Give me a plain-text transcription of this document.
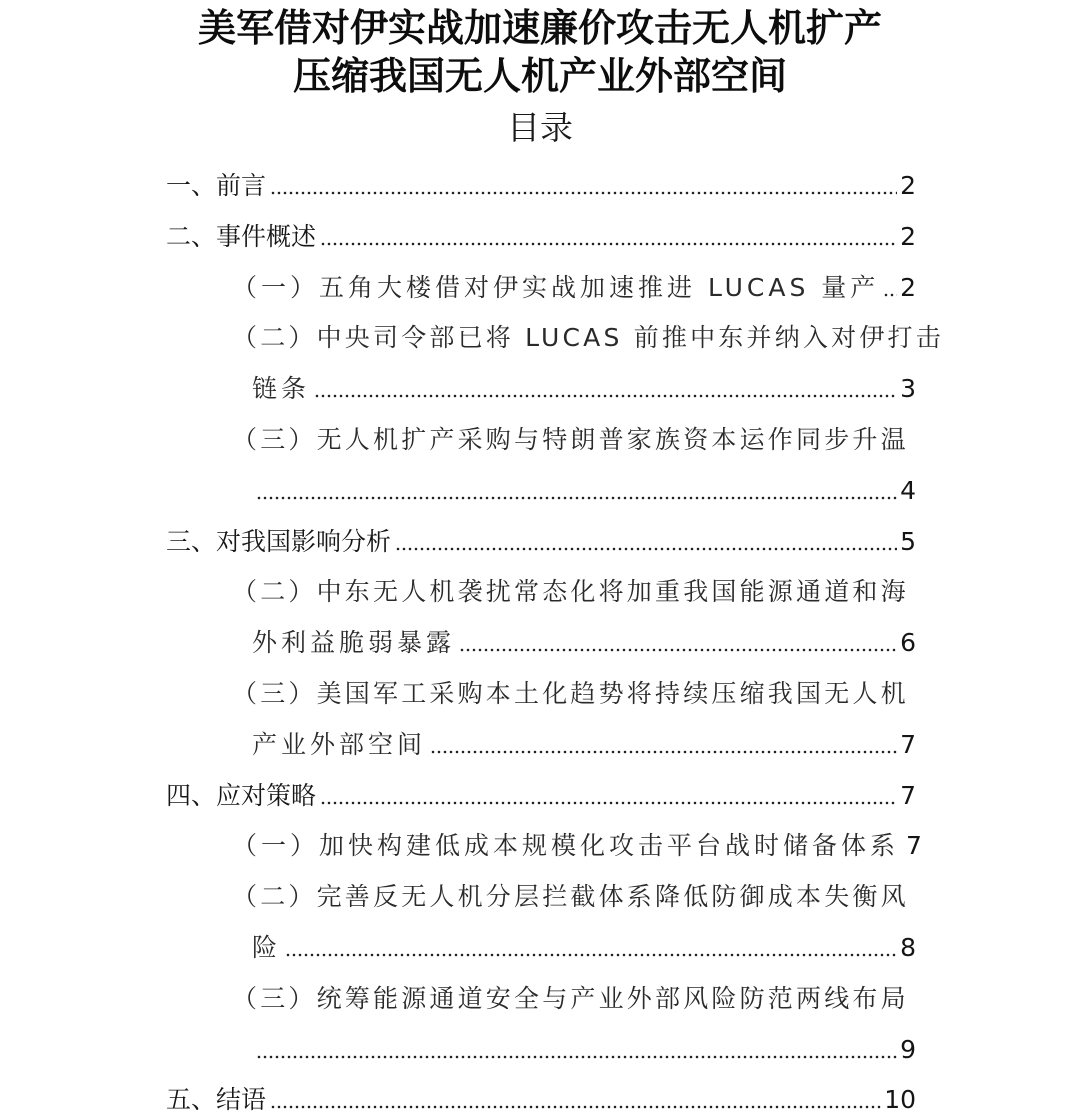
美军借对伊实战加速廉价攻击无人机扩产
压缩我国无人机产业外部空间
目录
一、前言	2
二、事件概述	2
（一）五角大楼借对伊实战加速推进 LUCAS 量产 2
（二）中央司令部已将 LUCAS 前推中东并纳入对伊打击
链条	3
（三）无人机扩产采购与特朗普家族资本运作同步升温
4
三、对我国影响分析	5
（二）中东无人机袭扰常态化将加重我国能源通道和海
外利益脆弱暴露	6
（三）美国军工采购本土化趋势将持续压缩我国无人机
产业外部空间	7
四、应对策略	7
（一）加快构建低成本规模化攻击平台战时储备体系 7
（二）完善反无人机分层拦截体系降低防御成本失衡风
险	8
（三）统筹能源通道安全与产业外部风险防范两线布局
9
五、结语	10
